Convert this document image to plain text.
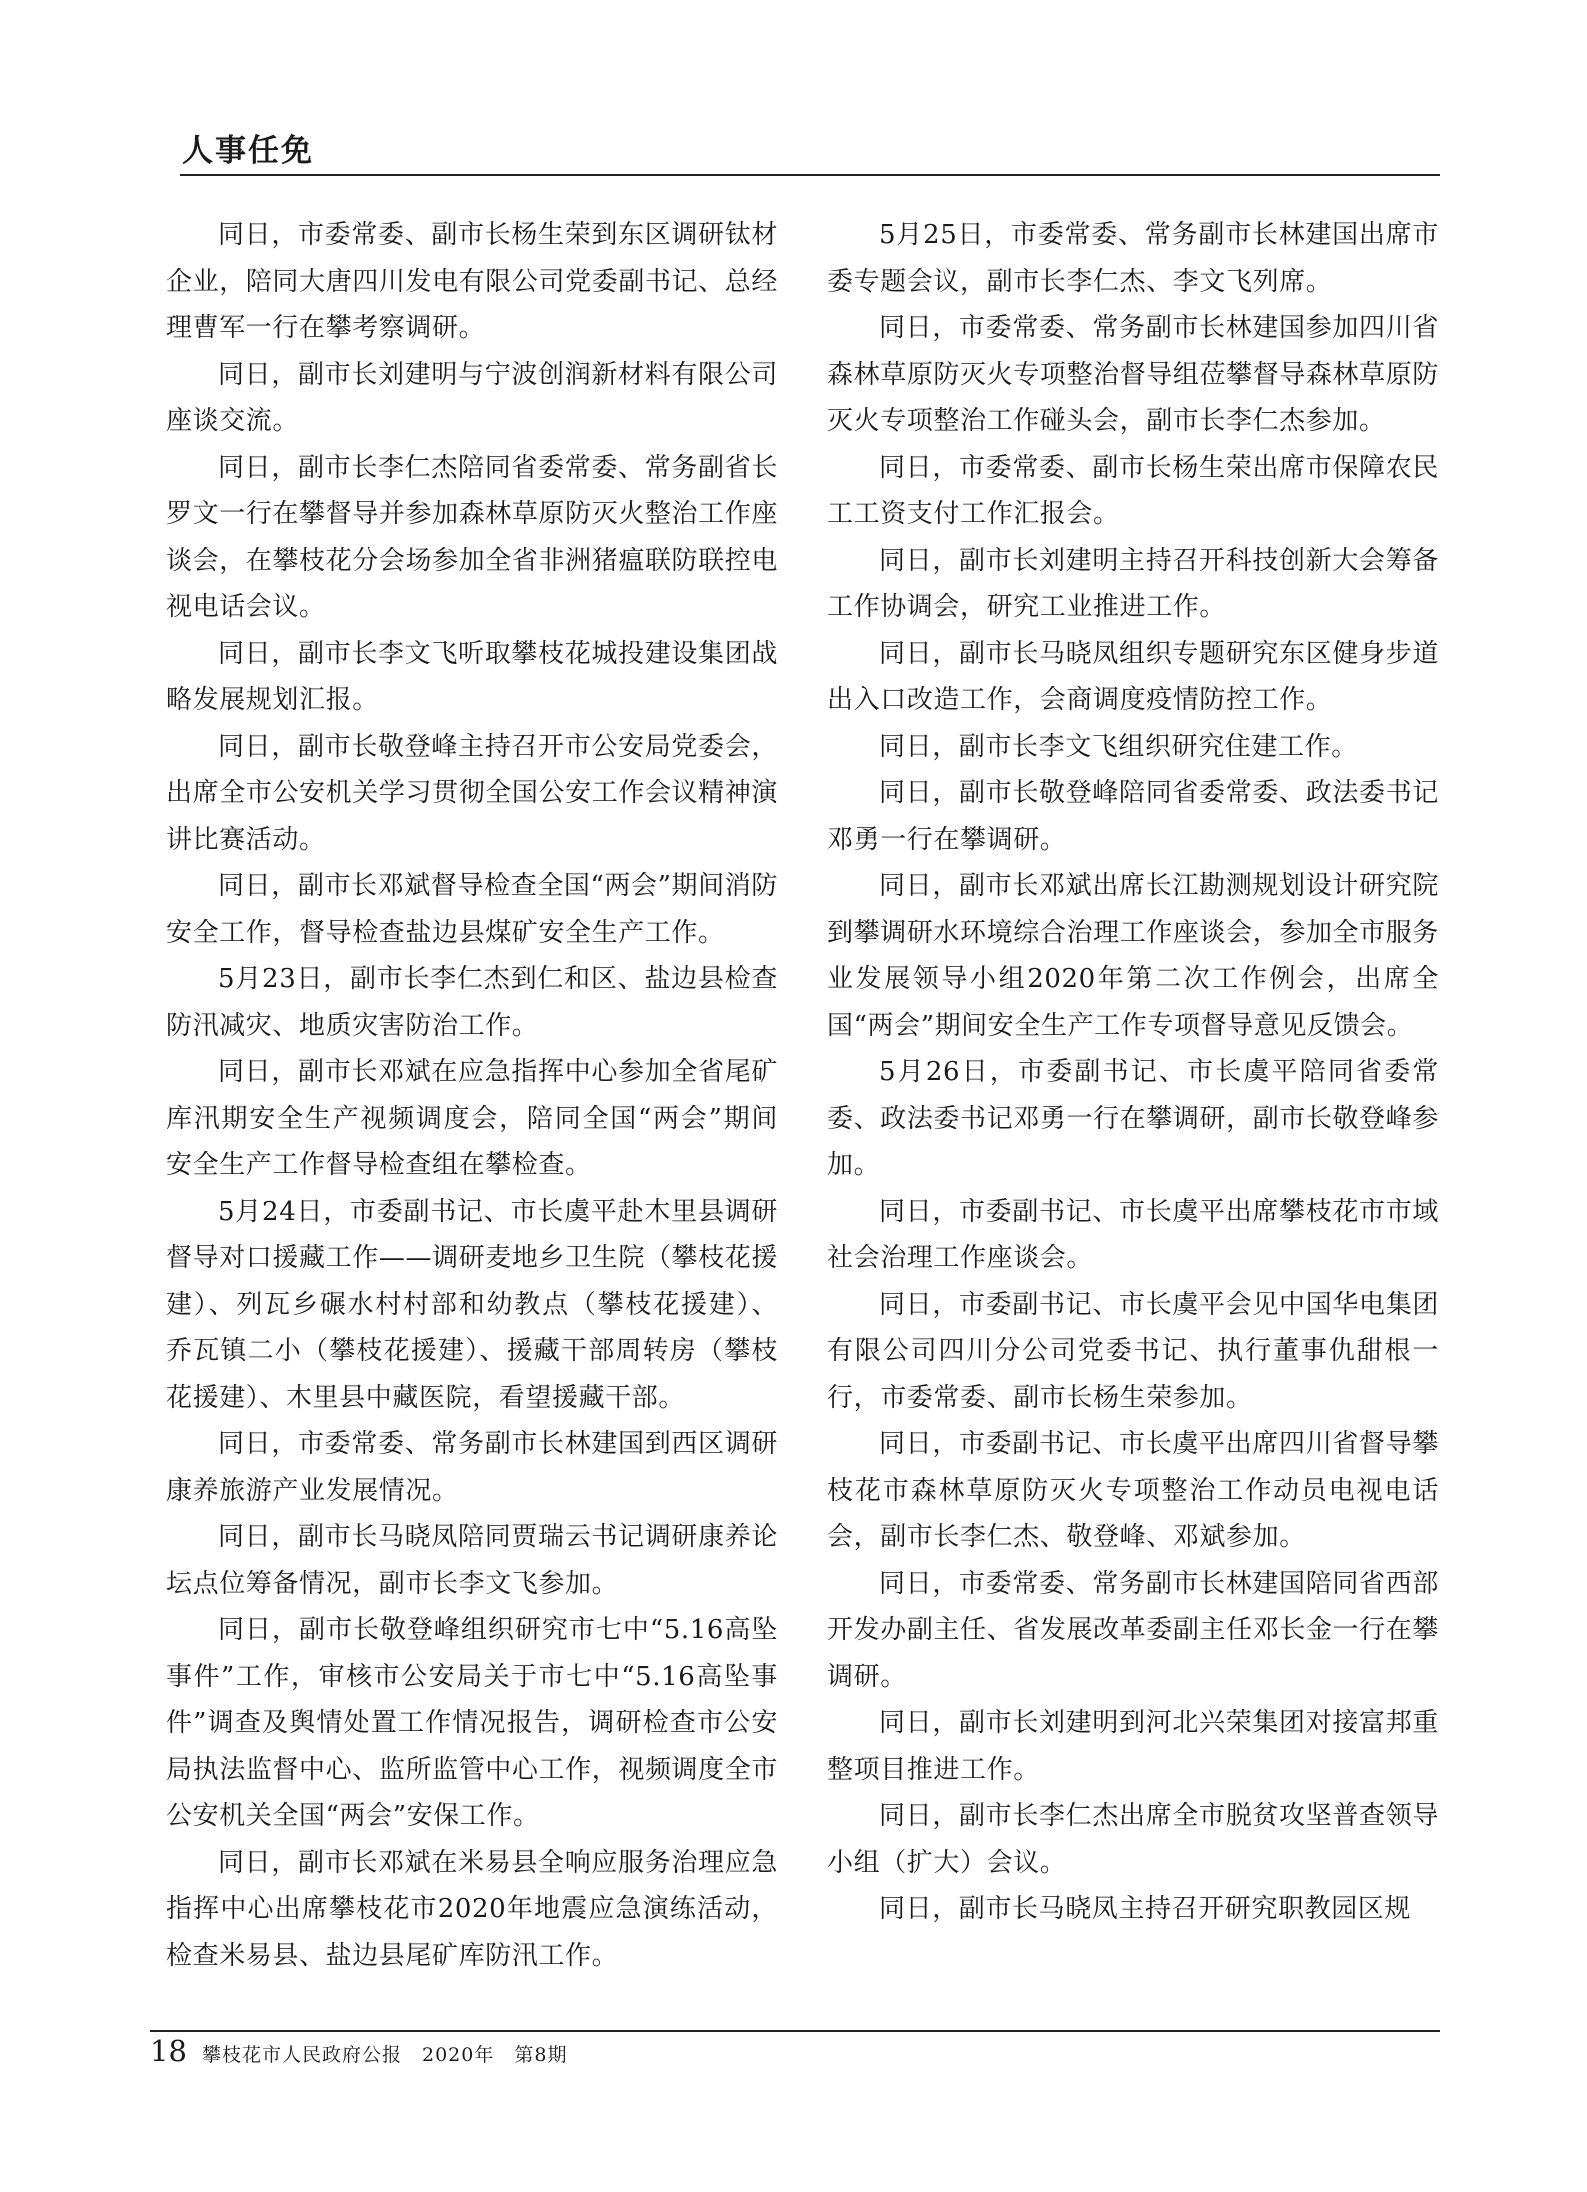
人事任免

同日，市委常委、副市长杨生荣到东区调研钛材企业，陪同大唐四川发电有限公司党委副书记、总经理曹军一行在攀考察调研。

同日，副市长刘建明与宁波创润新材料有限公司座谈交流。

同日，副市长李仁杰陪同省委常委、常务副省长罗文一行在攀督导并参加森林草原防灭火整治工作座谈会，在攀枝花分会场参加全省非洲猪瘟联防联控电视电话会议。

同日，副市长李文飞听取攀枝花城投建设集团战略发展规划汇报。

同日，副市长敬登峰主持召开市公安局党委会，出席全市公安机关学习贯彻全国公安工作会议精神演讲比赛活动。

同日，副市长邓斌督导检查全国“两会”期间消防安全工作，督导检查盐边县煤矿安全生产工作。

5月23日，副市长李仁杰到仁和区、盐边县检查防汛减灾、地质灾害防治工作。

同日，副市长邓斌在应急指挥中心参加全省尾矿库汛期安全生产视频调度会，陪同全国“两会”期间安全生产工作督导检查组在攀检查。

5月24日，市委副书记、市长虞平赴木里县调研督导对口援藏工作——调研麦地乡卫生院（攀枝花援建）、列瓦乡碾水村村部和幼教点（攀枝花援建）、乔瓦镇二小（攀枝花援建）、援藏干部周转房（攀枝花援建）、木里县中藏医院，看望援藏干部。

同日，市委常委、常务副市长林建国到西区调研康养旅游产业发展情况。

同日，副市长马晓凤陪同贾瑞云书记调研康养论坛点位筹备情况，副市长李文飞参加。

同日，副市长敬登峰组织研究市七中“5.16高坠事件”工作，审核市公安局关于市七中“5.16高坠事件”调查及舆情处置工作情况报告，调研检查市公安局执法监督中心、监所监管中心工作，视频调度全市公安机关全国“两会”安保工作。

同日，副市长邓斌在米易县全响应服务治理应急指挥中心出席攀枝花市2020年地震应急演练活动，检查米易县、盐边县尾矿库防汛工作。

5月25日，市委常委、常务副市长林建国出席市委专题会议，副市长李仁杰、李文飞列席。

同日，市委常委、常务副市长林建国参加四川省森林草原防灭火专项整治督导组莅攀督导森林草原防灭火专项整治工作碰头会，副市长李仁杰参加。

同日，市委常委、副市长杨生荣出席市保障农民工工资支付工作汇报会。

同日，副市长刘建明主持召开科技创新大会筹备工作协调会，研究工业推进工作。

同日，副市长马晓凤组织专题研究东区健身步道出入口改造工作，会商调度疫情防控工作。

同日，副市长李文飞组织研究住建工作。

同日，副市长敬登峰陪同省委常委、政法委书记邓勇一行在攀调研。

同日，副市长邓斌出席长江勘测规划设计研究院到攀调研水环境综合治理工作座谈会，参加全市服务业发展领导小组2020年第二次工作例会，出席全国“两会”期间安全生产工作专项督导意见反馈会。

5月26日，市委副书记、市长虞平陪同省委常委、政法委书记邓勇一行在攀调研，副市长敬登峰参加。

同日，市委副书记、市长虞平出席攀枝花市市域社会治理工作座谈会。

同日，市委副书记、市长虞平会见中国华电集团有限公司四川分公司党委书记、执行董事仇甜根一行，市委常委、副市长杨生荣参加。

同日，市委副书记、市长虞平出席四川省督导攀枝花市森林草原防灭火专项整治工作动员电视电话会，副市长李仁杰、敬登峰、邓斌参加。

同日，市委常委、常务副市长林建国陪同省西部开发办副主任、省发展改革委副主任邓长金一行在攀调研。

同日，副市长刘建明到河北兴荣集团对接富邦重整项目推进工作。

同日，副市长李仁杰出席全市脱贫攻坚普查领导小组（扩大）会议。

同日，副市长马晓凤主持召开研究职教园区规

18 攀枝花市人民政府公报　2020年　第8期
